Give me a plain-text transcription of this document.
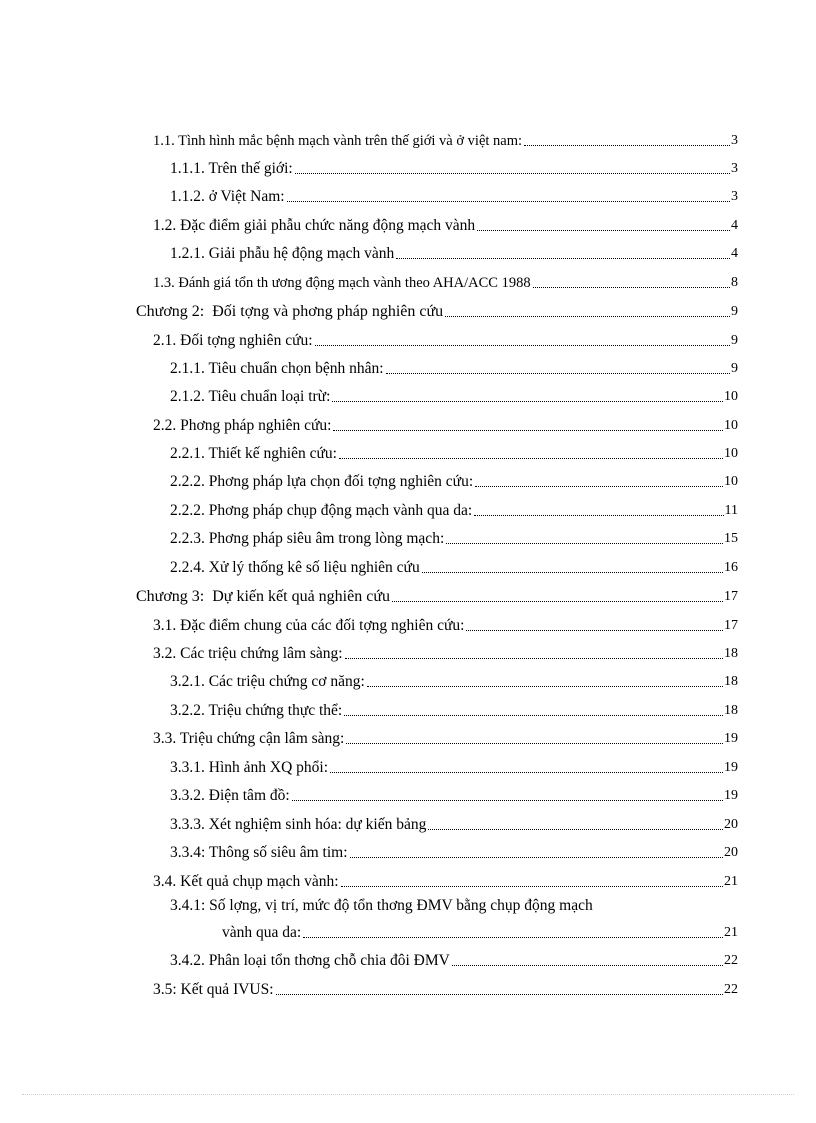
1.1. Tình hình mắc bệnh mạch vành trên thế giới và ở việt nam:	3
1.1.1. Trên thế giới:	3
1.1.2. ở Việt Nam:	3
1.2. Đặc điểm giải phẫu chức năng động mạch vành	4
1.2.1. Giải phẫu hệ động mạch vành	4
1.3. Đánh giá tổn th ương động mạch vành theo AHA/ACC 1988	8
Chương 2: Đối tợng và phơng pháp nghiên cứu	9
2.1. Đối tợng nghiên cứu:	9
2.1.1. Tiêu chuẩn chọn bệnh nhân:	9
2.1.2. Tiêu chuẩn loại trừ:	10
2.2. Phơng pháp nghiên cứu:	10
2.2.1. Thiết kế nghiên cứu:	10
2.2.2. Phơng pháp lựa chọn đối tợng nghiên cứu:	10
2.2.2. Phơng pháp chụp động mạch vành qua da:	11
2.2.3. Phơng pháp siêu âm trong lòng mạch:	15
2.2.4. Xử lý thống kê số liệu nghiên cứu	16
Chương 3: Dự kiến kết quả nghiên cứu	17
3.1. Đặc điểm chung của các đối tợng nghiên cứu:	17
3.2. Các triệu chứng lâm sàng:	18
3.2.1. Các triệu chứng cơ năng:	18
3.2.2. Triệu chứng thực thể:	18
3.3. Triệu chứng cận lâm sàng:	19
3.3.1. Hình ảnh XQ phổi:	19
3.3.2. Điện tâm đồ:	19
3.3.3. Xét nghiệm sinh hóa: dự kiến bảng	20
3.3.4: Thông số siêu âm tim:	20
3.4. Kết quả chụp mạch vành:	21
3.4.1: Số lợng, vị trí, mức độ tổn thơng ĐMV bằng chụp động mạch
vành qua da:	21
3.4.2. Phân loại tổn thơng chỗ chia đôi ĐMV	22
3.5: Kết quả IVUS:	22
